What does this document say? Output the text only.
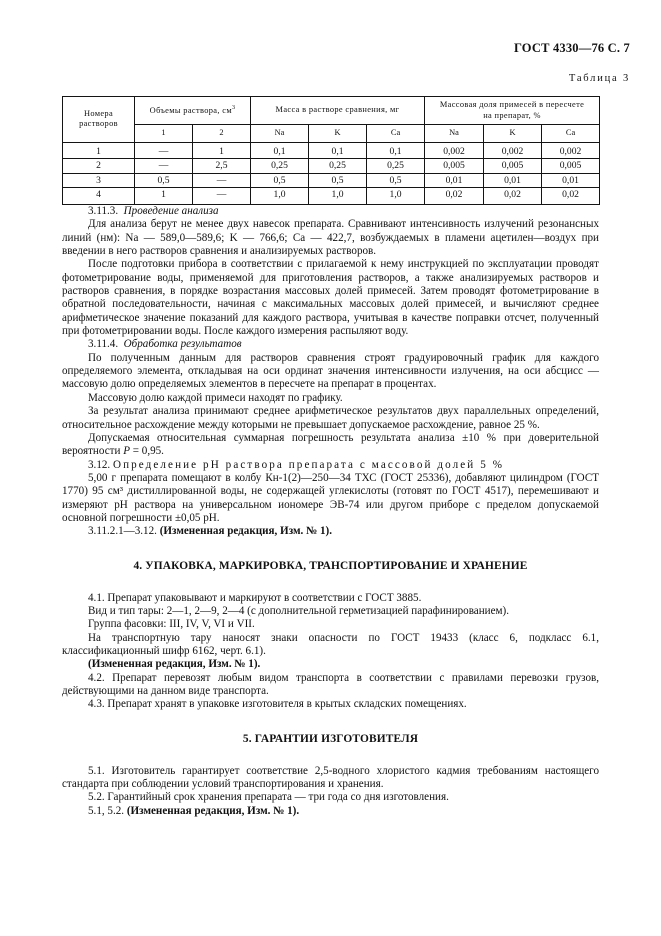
ГОСТ 4330—76 С. 7
Таблица 3
Номера растворов	Объемы раствора, $см^3$		Масса в растворе сравнения, мг			Массовая доля примесей в пересчете
на препарат, %		
	1	2	Na	K	Ca	Na	K	Ca
1	—	1	0,1	0,1	0,1	0,002	0,002	0,002
2	—	2,5	0,25	0,25	0,25	0,005	0,005	0,005
3	0,5	—	0,5	0,5	0,5	0,01	0,01	0,01
4	1	—	1,0	1,0	1,0	0,02	0,02	0,02

3.11.3. Проведение анализа

Для анализа берут не менее двух навесок препарата. Сравнивают интенсивность излучений резонансных линий (нм): Na — 589,0—589,6; K — 766,6; Ca — 422,7, возбуждаемых в пламени ацетилен—воздух при введении в него растворов сравнения и анализируемых растворов.

После подготовки прибора в соответствии с прилагаемой к нему инструкцией по эксплуатации проводят фотометрирование воды, применяемой для приготовления растворов, а также анализируемых растворов и растворов сравнения, в порядке возрастания массовых долей примесей. Затем проводят фотометрирование в обратной последовательности, начиная с максимальных массовых долей примесей, и вычисляют среднее арифметическое значение показаний для каждого раствора, учитывая в качестве поправки отсчет, полученный при фотометрировании воды. После каждого измерения распыляют воду.

3.11.4. Обработка результатов

По полученным данным для растворов сравнения строят градуировочный график для каждого определяемого элемента, откладывая на оси ординат значения интенсивности излучения, на оси абсцисс — массовую долю определяемых элементов в пересчете на препарат в процентах.

Массовую долю каждой примеси находят по графику.

За результат анализа принимают среднее арифметическое результатов двух параллельных определений, относительное расхождение между которыми не превышает допускаемое расхождение, равное 25 %.

Допускаемая относительная суммарная погрешность результата анализа ±10 % при доверительной вероятности P = 0,95.

3.12. Определение pH раствора препарата с массовой долей 5 %

5,00 г препарата помещают в колбу Кн-1(2)—250—34 ТХС (ГОСТ 25336), добавляют цилиндром (ГОСТ 1770) 95 см³ дистиллированной воды, не содержащей углекислоты (готовят по ГОСТ 4517), перемешивают и измеряют pH раствора на универсальном иономере ЭВ-74 или другом приборе с пределом допускаемой основной погрешности ±0,05 pH.

3.11.2.1—3.12. (Измененная редакция, Изм. № 1).

4. УПАКОВКА, МАРКИРОВКА, ТРАНСПОРТИРОВАНИЕ И ХРАНЕНИЕ

4.1. Препарат упаковывают и маркируют в соответствии с ГОСТ 3885.

Вид и тип тары: 2—1, 2—9, 2—4 (с дополнительной герметизацией парафинированием).

Группа фасовки: III, IV, V, VI и VII.

На транспортную тару наносят знаки опасности по ГОСТ 19433 (класс 6, подкласс 6.1, классификационный шифр 6162, черт. 6.1).

(Измененная редакция, Изм. № 1).

4.2. Препарат перевозят любым видом транспорта в соответствии с правилами перевозки грузов, действующими на данном виде транспорта.

4.3. Препарат хранят в упаковке изготовителя в крытых складских помещениях.

5. ГАРАНТИИ ИЗГОТОВИТЕЛЯ

5.1. Изготовитель гарантирует соответствие 2,5-водного хлористого кадмия требованиям настоящего стандарта при соблюдении условий транспортирования и хранения.

5.2. Гарантийный срок хранения препарата — три года со дня изготовления.

5.1, 5.2. (Измененная редакция, Изм. № 1).
